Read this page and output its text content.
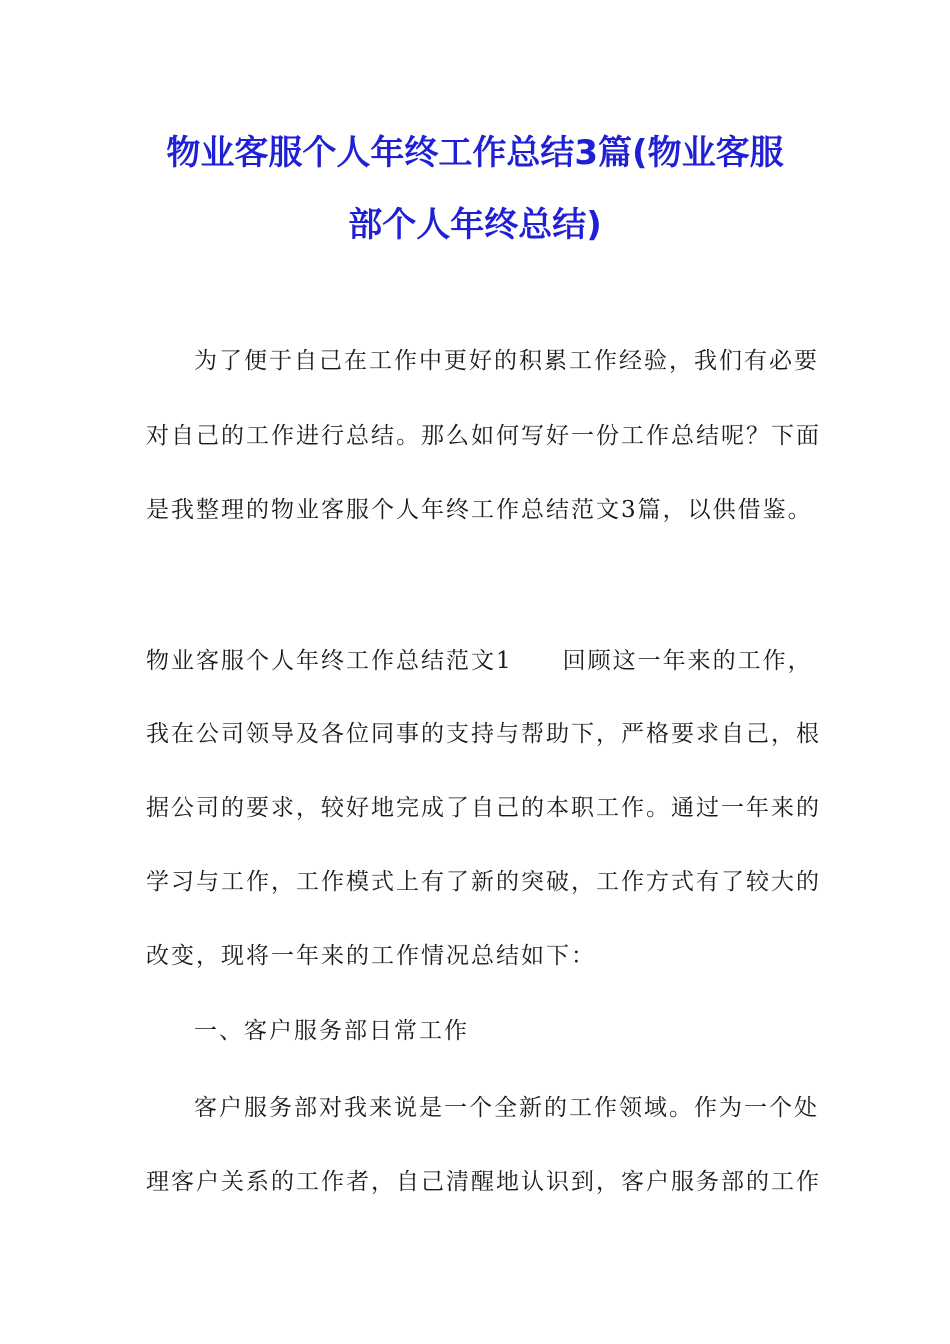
物业客服个人年终工作总结3篇(物业客服
部个人年终总结)
为了便于自己在工作中更好的积累工作经验，我们有必要
对自己的工作进行总结。那么如何写好一份工作总结呢？下面
是我整理的物业客服个人年终工作总结范文3篇，以供借鉴。
物业客服个人年终工作总结范文1　　回顾这一年来的工作，
我在公司领导及各位同事的支持与帮助下，严格要求自己，根
据公司的要求，较好地完成了自己的本职工作。通过一年来的
学习与工作，工作模式上有了新的突破，工作方式有了较大的
改变，现将一年来的工作情况总结如下：
一、客户服务部日常工作
客户服务部对我来说是一个全新的工作领域。作为一个处
理客户关系的工作者，自己清醒地认识到，客户服务部的工作
